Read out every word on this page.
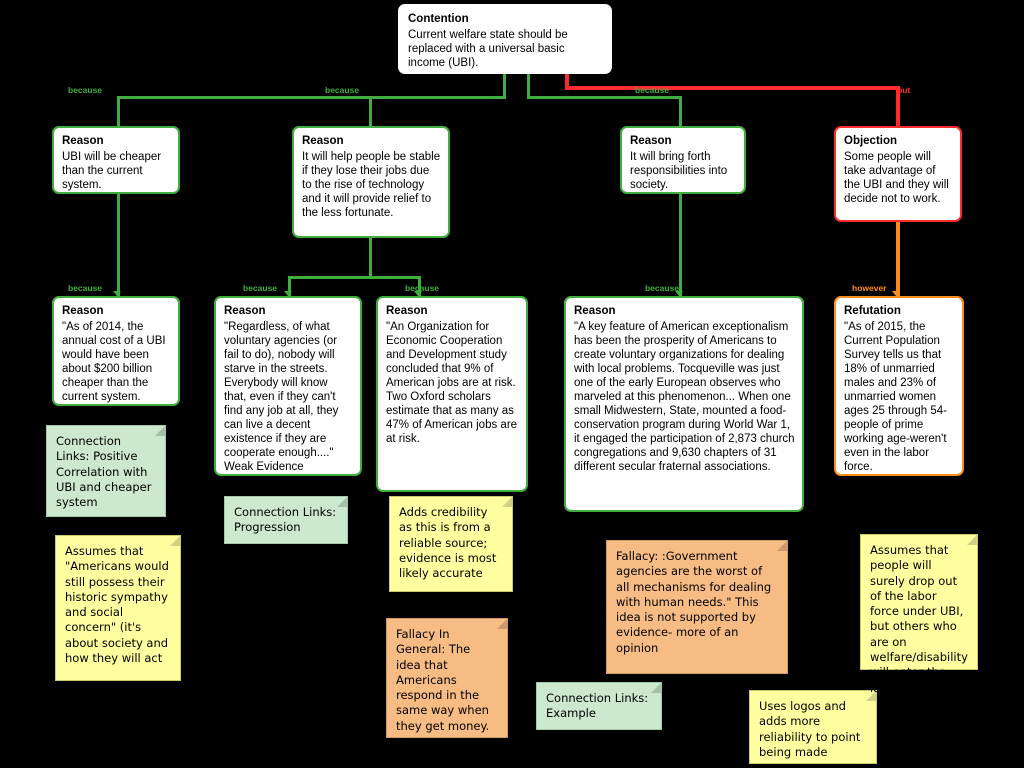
because	because	because	but
because	because	because	because	however
Contention
Current welfare state should be replaced with a universal basic income (UBI).
Reason
UBI will be cheaper than the current system.
Reason
It will help people be stable if they lose their jobs due to the rise of technology and it will provide relief to the less fortunate.
Reason
It will bring forth responsibilities into society.
Objection
Some people will take advantage of the UBI and they will decide not to work.
Reason
"As of 2014, the annual cost of a UBI would have been about $200 billion cheaper than the current system.
Reason
"Regardless, of what voluntary agencies (or fail to do), nobody will starve in the streets. Everybody will know that, even if they can't find any job at all, they can live a decent existence if they are cooperate enough...." Weak Evidence
Reason
"An Organization for Economic Cooperation and Development study concluded that 9% of American jobs are at risk. Two Oxford scholars estimate that as many as 47% of American jobs are at risk.
Reason
"A key feature of American exceptionalism has been the prosperity of Americans to create voluntary organizations for dealing with local problems. Tocqueville was just one of the early European observes who marveled at this phenomenon... When one small Midwestern, State, mounted a food-conservation program during World War 1, it engaged the participation of 2,873 church congregations and 9,630 chapters of 31 different secular fraternal associations.
Refutation
"As of 2015, the Current Population Survey tells us that 18% of unmarried males and 23% of unmarried women ages 25 through 54-people of prime working age-weren't even in the labor force.
Connection Links: Positive Correlation with UBI and cheaper system
Assumes that "Americans would still possess their historic sympathy and social concern" (it's about society and how they will act
Connection Links: Progression
Adds credibility as this is from a reliable source; evidence is most likely accurate
Fallacy In General: The idea that Americans respond in the same way when they get money.
Connection Links: Example
Fallacy: :Government agencies are the worst of all mechanisms for dealing with human needs." This idea is not supported by evidence- more of an opinion
Uses logos and adds more reliability to point being made
Assumes that people will surely drop out of the labor force under UBI, but others who are on welfare/disability will enter the labor force.
